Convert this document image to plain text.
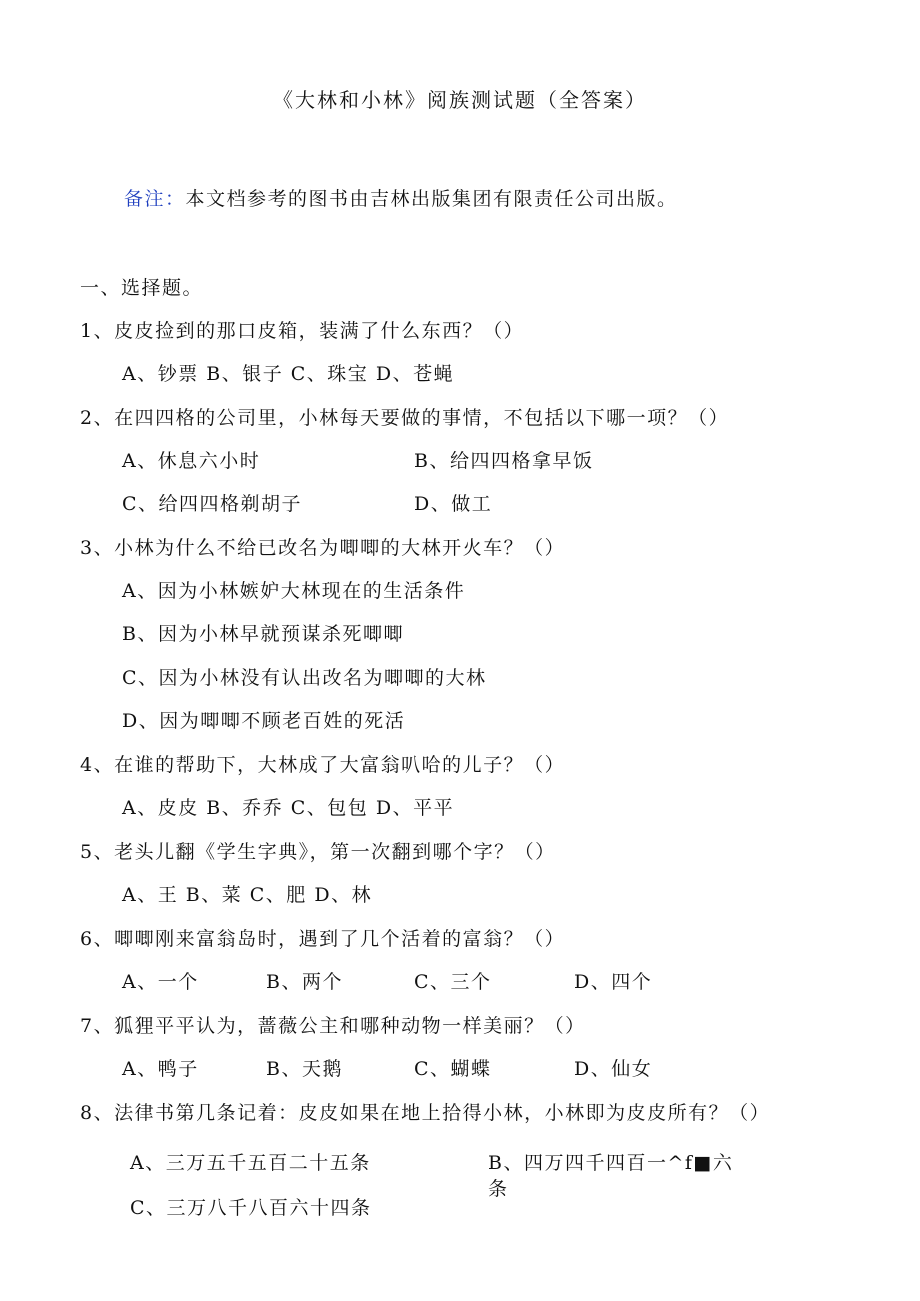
《大林和小林》阅族测试题（全答案）
备注：本文档参考的图书由吉林出版集团有限责任公司出版。
一、选择题。
1、皮皮捡到的那口皮箱，装满了什么东西？（）
A、钞票 B、银子 C、珠宝 D、苍蝇
2、在四四格的公司里，小林每天要做的事情，不包括以下哪一项？（）
A、休息六小时	B、给四四格拿早饭
C、给四四格剃胡子	D、做工
3、小林为什么不给已改名为唧唧的大林开火车？（）
A、因为小林嫉妒大林现在的生活条件
B、因为小林早就预谋杀死唧唧
C、因为小林没有认出改名为唧唧的大林
D、因为唧唧不顾老百姓的死活
4、在谁的帮助下，大林成了大富翁叭哈的儿子？（）
A、皮皮 B、乔乔 C、包包 D、平平
5、老头儿翻《学生字典》，第一次翻到哪个字？（）
A、王 B、菜 C、肥 D、林
6、唧唧刚来富翁岛时，遇到了几个活着的富翁？（）
A、一个	B、两个	C、三个	D、四个
7、狐狸平平认为，蔷薇公主和哪种动物一样美丽？（）
A、鸭子	B、天鹅	C、蝴蝶	D、仙女
8、法律书第几条记着：皮皮如果在地上拾得小林，小林即为皮皮所有？（）
A、三万五千五百二十五条	B、四万四千四百一^f■六条
C、三万八千八百六十四条
